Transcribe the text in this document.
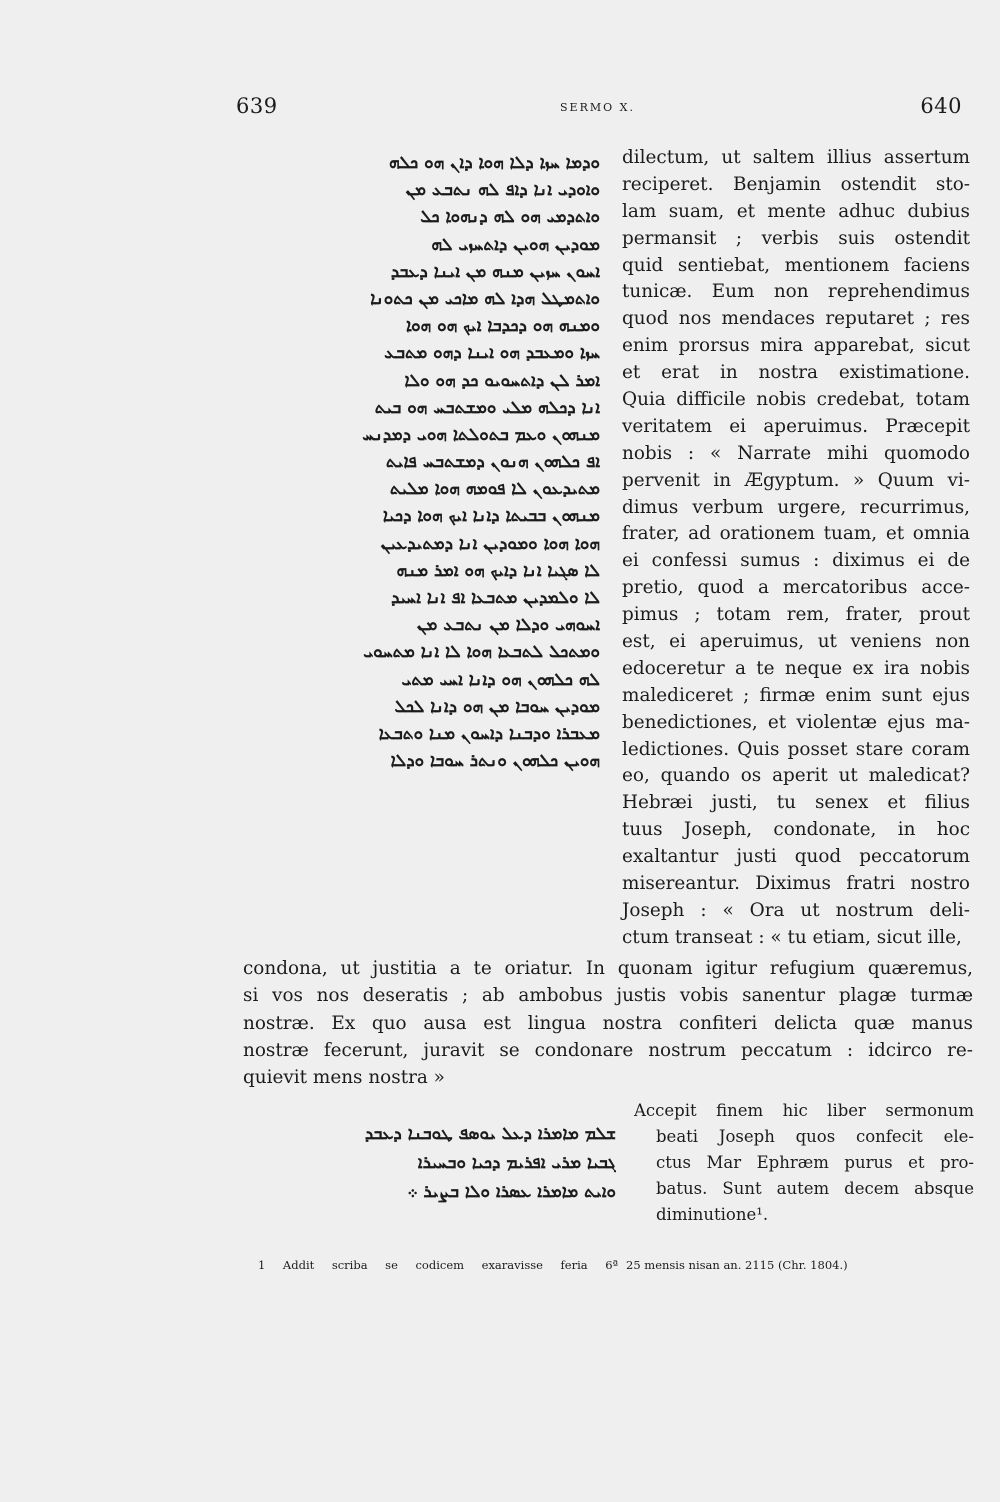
639	SERMO X.	640
ܘܕܡܐ ܚܙܐ ܕܠܐ ܗܘܐ ܕܐܢ ܗܘ ܟܠܗ
ܘܐܘܕܝ ܐܢܐ ܕܐܦ ܠܗ ܢܬܒܥ ܡܢ
ܘܐܬܕܡܝ ܗܘ ܠܗ ܕܢܗܘܐ ܟܠ
ܡܘܕܝܢ ܗܘܝܢ ܕܐܬܚܙܝ ܠܗ
ܐܚܘܢ ܚܙܝܢ ܡܢܗ ܡܢ ܐܝܢܐ ܕܥܒܕ
ܘܐܬܡܛܠ ܗܕܐ ܠܗ ܡܐܟܝ ܡܢ ܟܬܘܢܐ
ܘܡܢܗ ܗܘ ܕܟܕܒܐ ܐܝܟ ܗܘ ܗܘܐ
ܚܙܐ ܘܡܥܒܕ ܗܘ ܐܝܢܐ ܕܗܘ ܡܬܒܥ
ܐܡܪ ܠܢ ܕܐܬܚܘܝܘ ܟܕ ܗܘ ܘܠܐ
ܐܢܐ ܕܟܠܗ ܡܠܝ ܘܡܫܬܒܚ ܗܘ ܒܝܬ
ܡܢܗܘܢ ܘܥܡ ܒܬܘܠܬܐ ܗܘܝ ܕܡܕܢܚ
ܐܦ ܟܠܗܘܢ ܗܢܘܢ ܕܡܫܬܒܚ ܦܐܝܬ
ܡܬܝܕܥܘܢ ܠܐ ܦܘܡܗ ܗܘܐ ܡܠܝܬ
ܡܢܗܘܢ ܒܒܝܬܐ ܕܐܢܐ ܐܝܟ ܗܘܐ ܕܟܝܐ
ܗܘܐ ܗܘܐ ܘܡܘܕܝܢ ܐܢܐ ܕܡܬܝܕܥܝܢ
ܠܐ ܣܓܝܐ ܐܢܐ ܕܐܝܟ ܗܘ ܐܡܪ ܡܢܗ
ܠܐ ܘܠܡܕܝܢ ܡܬܒܥܐ ܐܦ ܐܢܐ ܐܚܝܕ
ܐܚܘܗܝ ܘܕܠܐ ܡܢ ܢܬܒܥ ܡܢ
ܘܡܬܟܠ ܠܬܒܥܐ ܗܘܐ ܠܐ ܐܢܐ ܡܬܚܘܝ
ܠܗ ܟܠܗܘܢ ܗܘ ܕܐܢܐ ܐܚܝ ܡܬܝ
ܡܘܕܝܢ ܚܘܒܐ ܡܢ ܗܘ ܕܐܢܐ ܠܟܠ
ܡܥܒܪܐ ܘܕܒܢܐ ܕܐܚܘܢ ܡܢܐ ܘܬܒܥܐ
ܗܘܝܢ ܟܠܗܘܢ ܘܢܬܪ ܚܘܒܐ ܘܕܠܐ
dilectum, ut saltem illius assertum
reciperet. Benjamin ostendit sto-
lam suam, et mente adhuc dubius
permansit ; verbis suis ostendit
quid sentiebat, mentionem faciens
tunicæ. Eum non reprehendimus
quod nos mendaces reputaret ; res
enim prorsus mira apparebat, sicut
et erat in nostra existimatione.
Quia difficile nobis credebat, totam
veritatem ei aperuimus. Præcepit
nobis : « Narrate mihi quomodo
pervenit in Ægyptum. » Quum vi-
dimus verbum urgere, recurrimus,
frater, ad orationem tuam, et omnia
ei confessi sumus : diximus ei de
pretio, quod a mercatoribus acce-
pimus ; totam rem, frater, prout
est, ei aperuimus, ut veniens non
edoceretur a te neque ex ira nobis
malediceret ; firmæ enim sunt ejus
benedictiones, et violentæ ejus ma-
ledictiones. Quis posset stare coram
eo, quando os aperit ut maledicat?
Hebræi justi, tu senex et filius
tuus Joseph, condonate, in hoc
exaltantur justi quod peccatorum
misereantur. Diximus fratri nostro
Joseph : « Ora ut nostrum deli-
ctum transeat : « tu etiam, sicut ille,
condona, ut justitia a te oriatur. In quonam igitur refugium quæremus,
si vos nos deseratis ; ab ambobus justis vobis sanentur plagæ turmæ
nostræ. Ex quo ausa est lingua nostra confiteri delicta quæ manus
nostræ fecerunt, juravit se condonare nostrum peccatum : idcirco re-
quievit mens nostra »
ܫܠܡ ܡܐܡܪܐ ܕܥܠ ܝܘܣܦ ܛܘܒܢܐ ܕܥܒܕ
ܓܒܝܐ ܡܪܝ ܐܦܪܝܡ ܕܟܝܐ ܘܒܚܝܪܐ
ܘܐܝܬ ܡܐܡܪܐ ܥܣܪܐ ܘܠܐ ܒܨܝܪ ܀
Accepit finem hic liber sermonum
beati Joseph quos confecit ele-
ctus Mar Ephræm purus et pro-
batus. Sunt autem decem absque
diminutione¹.
1 Addit scriba se codicem exaravisse feria 6ª 25 mensis nisan an. 2115 (Chr. 1804.)
